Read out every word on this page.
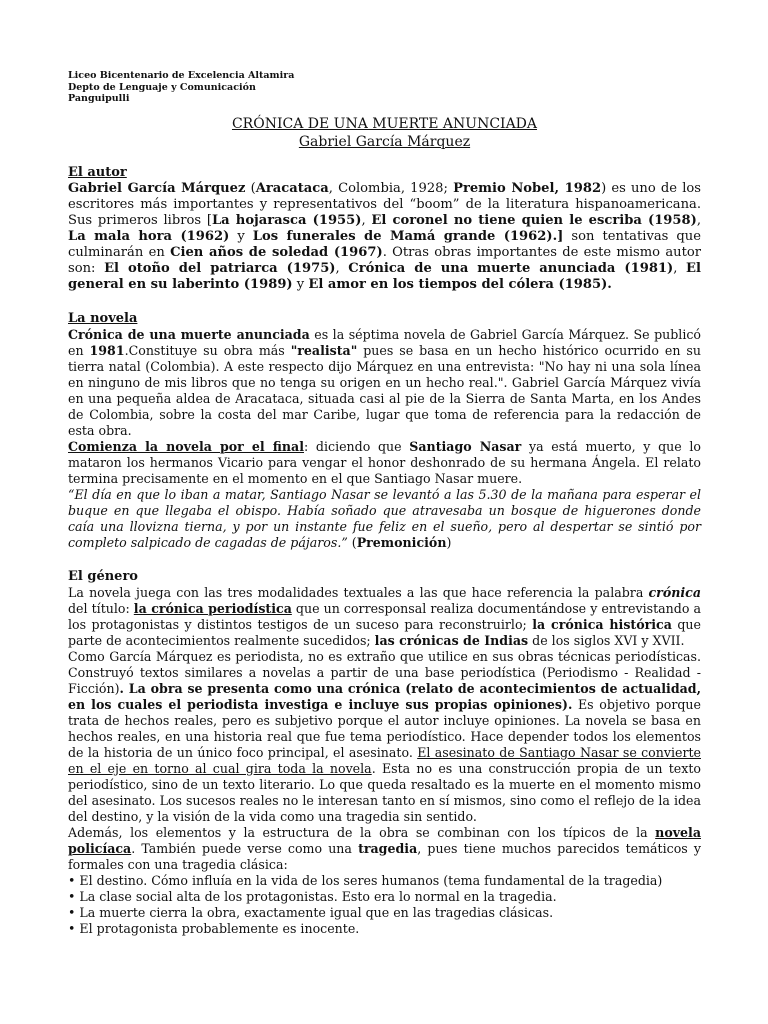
Liceo Bicentenario de Excelencia Altamira
Depto de Lenguaje y Comunicación
Panguipulli
CRÓNICA DE UNA MUERTE ANUNCIADA
Gabriel García Márquez
El autor

Gabriel García Márquez (Aracataca, Colombia, 1928; Premio Nobel, 1982) es uno de los escritores más importantes y representativos del “boom” de la literatura hispanoamericana. Sus primeros libros [La hojarasca (1955), El coronel no tiene quien le escriba (1958), La mala hora (1962) y Los funerales de Mamá grande (1962).] son tentativas que culminarán en Cien años de soledad (1967). Otras obras importantes de este mismo autor son: El otoño del patriarca (1975), Crónica de una muerte anunciada (1981), El general en su laberinto (1989) y El amor en los tiempos del cólera (1985).

La novela

Crónica de una muerte anunciada es la séptima novela de Gabriel García Márquez. Se publicó en 1981.Constituye su obra más "realista" pues se basa en un hecho histórico ocurrido en su tierra natal (Colombia). A este respecto dijo Márquez en una entrevista: "No hay ni una sola línea en ninguno de mis libros que no tenga su origen en un hecho real.". Gabriel García Márquez vivía en una pequeña aldea de Aracataca, situada casi al pie de la Sierra de Santa Marta, en los Andes de Colombia, sobre la costa del mar Caribe, lugar que toma de referencia para la redacción de esta obra.

Comienza la novela por el final: diciendo que Santiago Nasar ya está muerto, y que lo mataron los hermanos Vicario para vengar el honor deshonrado de su hermana Ángela. El relato termina precisamente en el momento en el que Santiago Nasar muere.

“El día en que lo iban a matar, Santiago Nasar se levantó a las 5.30 de la mañana para esperar el buque en que llegaba el obispo. Había soñado que atravesaba un bosque de higuerones donde caía una llovizna tierna, y por un instante fue feliz en el sueño, pero al despertar se sintió por completo salpicado de cagadas de pájaros.” (Premonición)

El género

La novela juega con las tres modalidades textuales a las que hace referencia la palabra crónica del título: la crónica periodística que un corresponsal realiza documentándose y entrevistando a los protagonistas y distintos testigos de un suceso para reconstruirlo; la crónica histórica que parte de acontecimientos realmente sucedidos; las crónicas de Indias de los siglos XVI y XVII.

Como García Márquez es periodista, no es extraño que utilice en sus obras técnicas periodísticas. Construyó textos similares a novelas a partir de una base periodística (Periodismo - Realidad - Ficción). La obra se presenta como una crónica (relato de acontecimientos de actualidad, en los cuales el periodista investiga e incluye sus propias opiniones). Es objetivo porque trata de hechos reales, pero es subjetivo porque el autor incluye opiniones. La novela se basa en hechos reales, en una historia real que fue tema periodístico. Hace depender todos los elementos de la historia de un único foco principal, el asesinato. El asesinato de Santiago Nasar se convierte en el eje en torno al cual gira toda la novela. Esta no es una construcción propia de un texto periodístico, sino de un texto literario. Lo que queda resaltado es la muerte en el momento mismo del asesinato. Los sucesos reales no le interesan tanto en sí mismos, sino como el reflejo de la idea del destino, y la visión de la vida como una tragedia sin sentido.

Además, los elementos y la estructura de la obra se combinan con los típicos de la novela policíaca. También puede verse como una tragedia, pues tiene muchos parecidos temáticos y formales con una tragedia clásica:

• El destino. Cómo influía en la vida de los seres humanos (tema fundamental de la tragedia)
• La clase social alta de los protagonistas. Esto era lo normal en la tragedia.
• La muerte cierra la obra, exactamente igual que en las tragedias clásicas.
• El protagonista probablemente es inocente.
